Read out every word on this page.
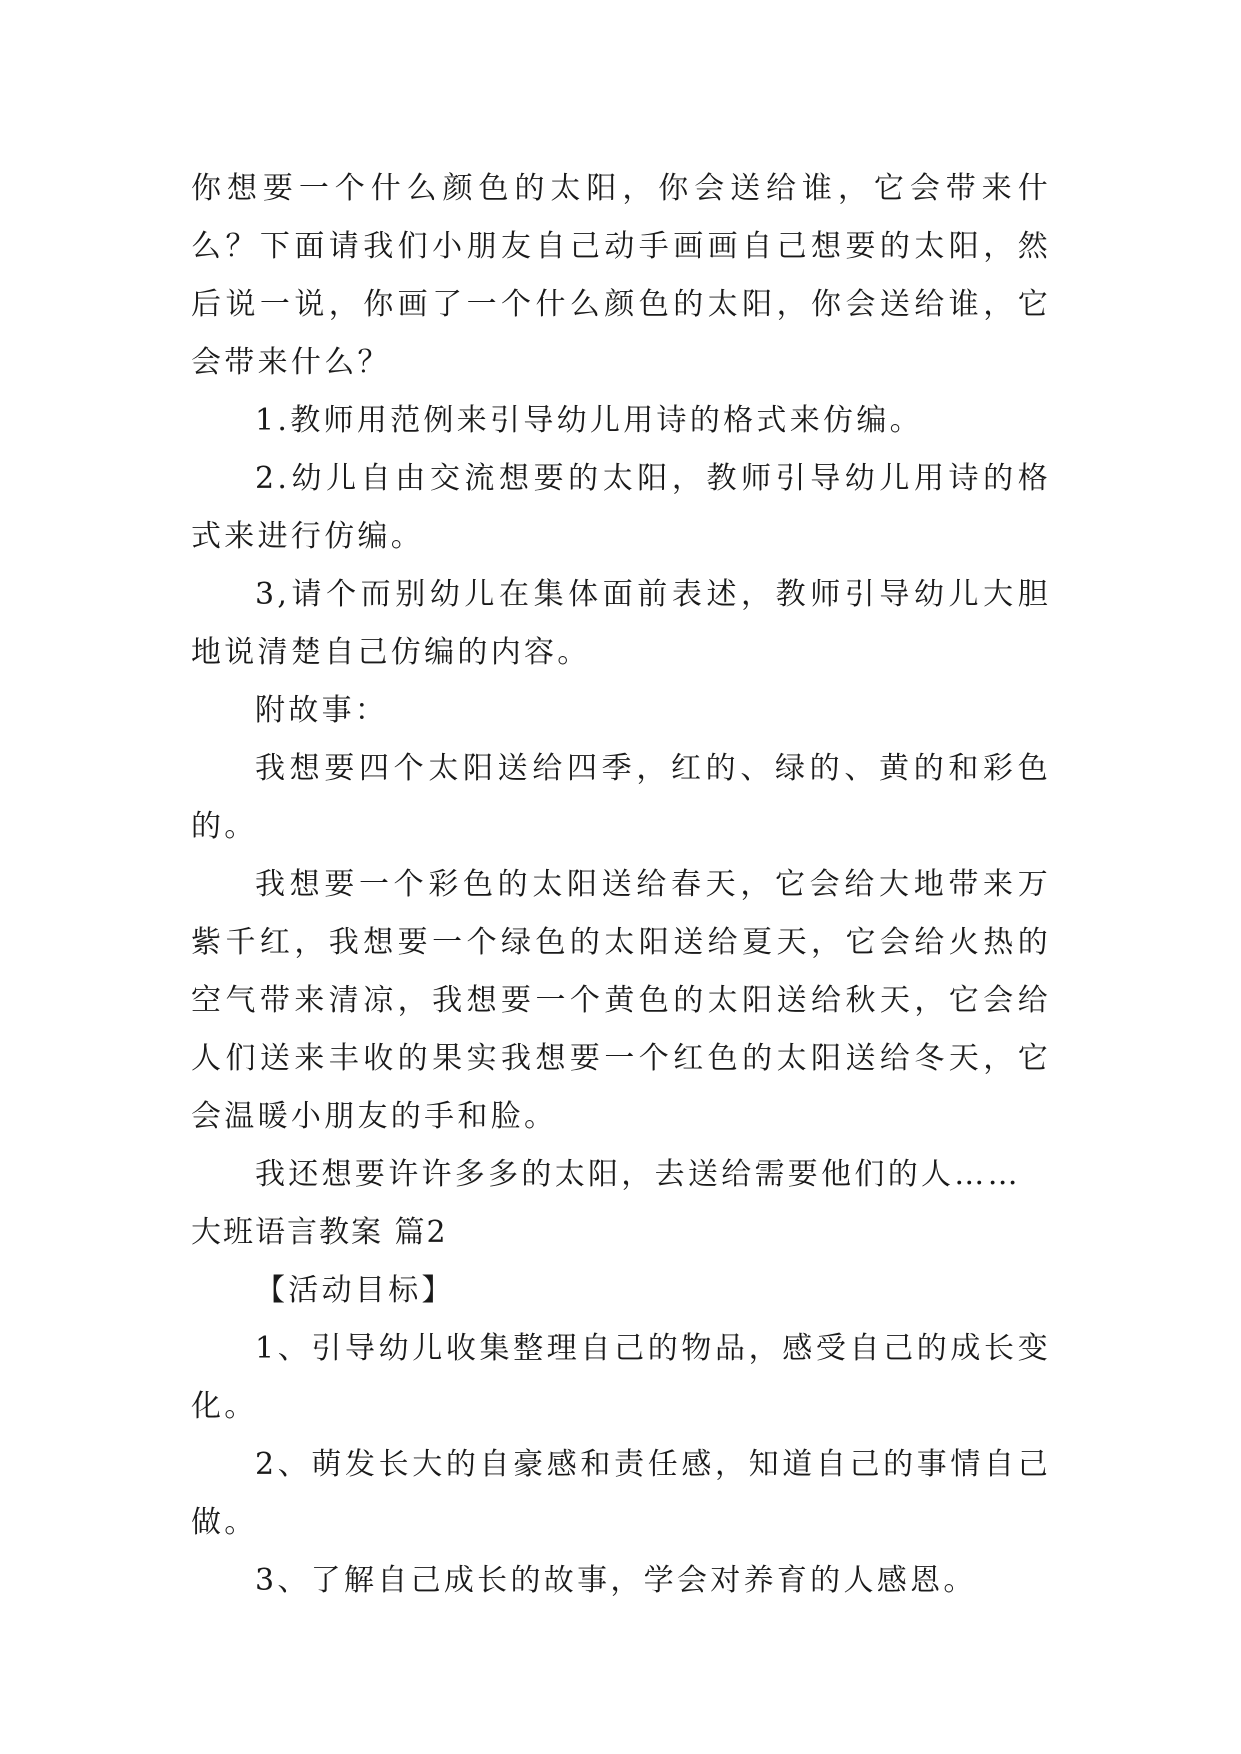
你想要一个什么颜色的太阳，你会送给谁，它会带来什么？下面请我们小朋友自己动手画画自己想要的太阳，然后说一说，你画了一个什么颜色的太阳，你会送给谁，它会带来什么？

1.教师用范例来引导幼儿用诗的格式来仿编。

2.幼儿自由交流想要的太阳，教师引导幼儿用诗的格式来进行仿编。

3,请个而别幼儿在集体面前表述，教师引导幼儿大胆地说清楚自己仿编的内容。

附故事：

我想要四个太阳送给四季，红的、绿的、黄的和彩色的。

我想要一个彩色的太阳送给春天，它会给大地带来万紫千红，我想要一个绿色的太阳送给夏天，它会给火热的空气带来清凉，我想要一个黄色的太阳送给秋天，它会给人们送来丰收的果实我想要一个红色的太阳送给冬天，它会温暖小朋友的手和脸。

我还想要许许多多的太阳，去送给需要他们的人……

大班语言教案 篇2

【活动目标】

1、引导幼儿收集整理自己的物品，感受自己的成长变化。

2、萌发长大的自豪感和责任感，知道自己的事情自己做。

3、了解自己成长的故事，学会对养育的人感恩。
